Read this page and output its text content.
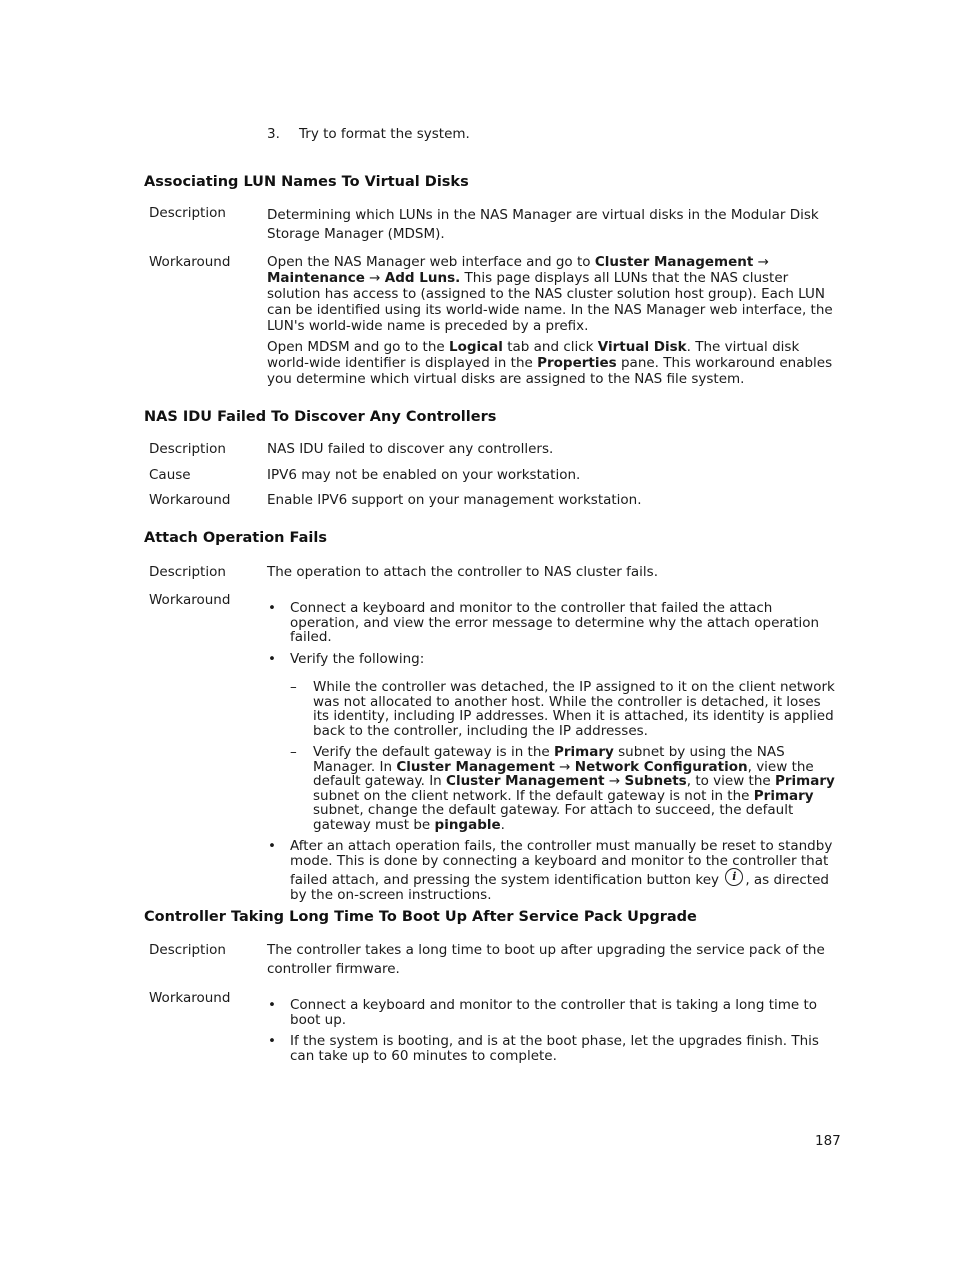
3. Try to format the system.
Associating LUN Names To Virtual Disks
Description	Determining which LUNs in the NAS Manager are virtual disks in the Modular Disk Storage Manager (MDSM).
Workaround	Open the NAS Manager web interface and go to Cluster Management → Maintenance → Add Luns. This page displays all LUNs that the NAS cluster solution has access to (assigned to the NAS cluster solution host group). Each LUN can be identified using its world-wide name. In the NAS Manager web interface, the LUN's world-wide name is preceded by a prefix.
Open MDSM and go to the Logical tab and click Virtual Disk. The virtual disk world-wide identifier is displayed in the Properties pane. This workaround enables you determine which virtual disks are assigned to the NAS file system.
NAS IDU Failed To Discover Any Controllers
Description	NAS IDU failed to discover any controllers.
Cause	IPV6 may not be enabled on your workstation.
Workaround	Enable IPV6 support on your management workstation.
Attach Operation Fails
Description	The operation to attach the controller to NAS cluster fails.
Workaround	• Connect a keyboard and monitor to the controller that failed the attach operation, and view the error message to determine why the attach operation failed.
• Verify the following:
– While the controller was detached, the IP assigned to it on the client network was not allocated to another host. While the controller is detached, it loses its identity, including IP addresses. When it is attached, its identity is applied back to the controller, including the IP addresses.
– Verify the default gateway is in the Primary subnet by using the NAS Manager. In Cluster Management → Network Configuration, view the default gateway. In Cluster Management → Subnets, to view the Primary subnet on the client network. If the default gateway is not in the Primary subnet, change the default gateway. For attach to succeed, the default gateway must be pingable.
• After an attach operation fails, the controller must manually be reset to standby mode. This is done by connecting a keyboard and monitor to the controller that failed attach, and pressing the system identification button key i , as directed by the on-screen instructions.
Controller Taking Long Time To Boot Up After Service Pack Upgrade
Description	The controller takes a long time to boot up after upgrading the service pack of the controller firmware.
Workaround	• Connect a keyboard and monitor to the controller that is taking a long time to boot up.
• If the system is booting, and is at the boot phase, let the upgrades finish. This can take up to 60 minutes to complete.
187
